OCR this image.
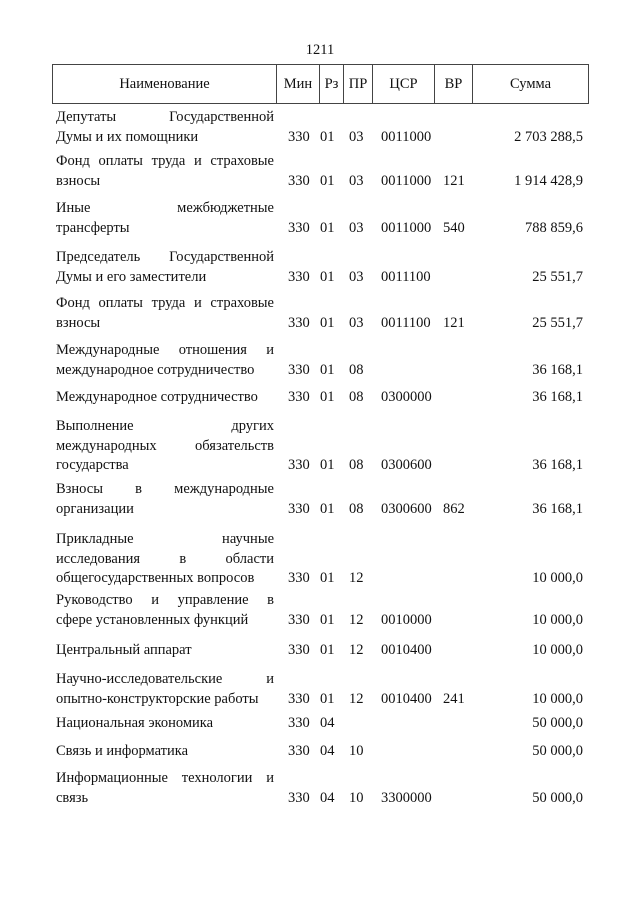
1211
Наименование	Мин Рз ПР	ЦСР	ВР	Сумма
Депутаты Государственной
Думы и их помощники	330 01 03 0011000	2 703 288,5
Фонд оплаты труда и страховые
взносы	330 01 03 0011000 121	1 914 428,9
Иные межбюджетные
трансферты	330 01 03 0011000 540	788 859,6
Председатель Государственной
Думы и его заместители	330 01 03 0011100	25 551,7
Фонд оплаты труда и страховые
взносы	330 01 03 0011100 121	25 551,7
Международные отношения и
международное сотрудничество	330 01 08	36 168,1
Международное сотрудничество	330 01 08 0300000	36 168,1
Выполнение других
международных обязательств
государства	330 01 08 0300600	36 168,1
Взносы в международные
организации	330 01 08 0300600 862	36 168,1
Прикладные научные
исследования в области
общегосударственных вопросов	330 01 12	10 000,0
Руководство и управление в
сфере установленных функций	330 01 12 0010000	10 000,0
Центральный аппарат	330 01 12 0010400	10 000,0
Научно-исследовательские и
опытно-конструкторские работы	330 01 12 0010400 241	10 000,0
Национальная экономика	330 04	50 000,0
Связь и информатика	330 04 10	50 000,0
Информационные технологии и
связь	330 04 10 3300000	50 000,0
